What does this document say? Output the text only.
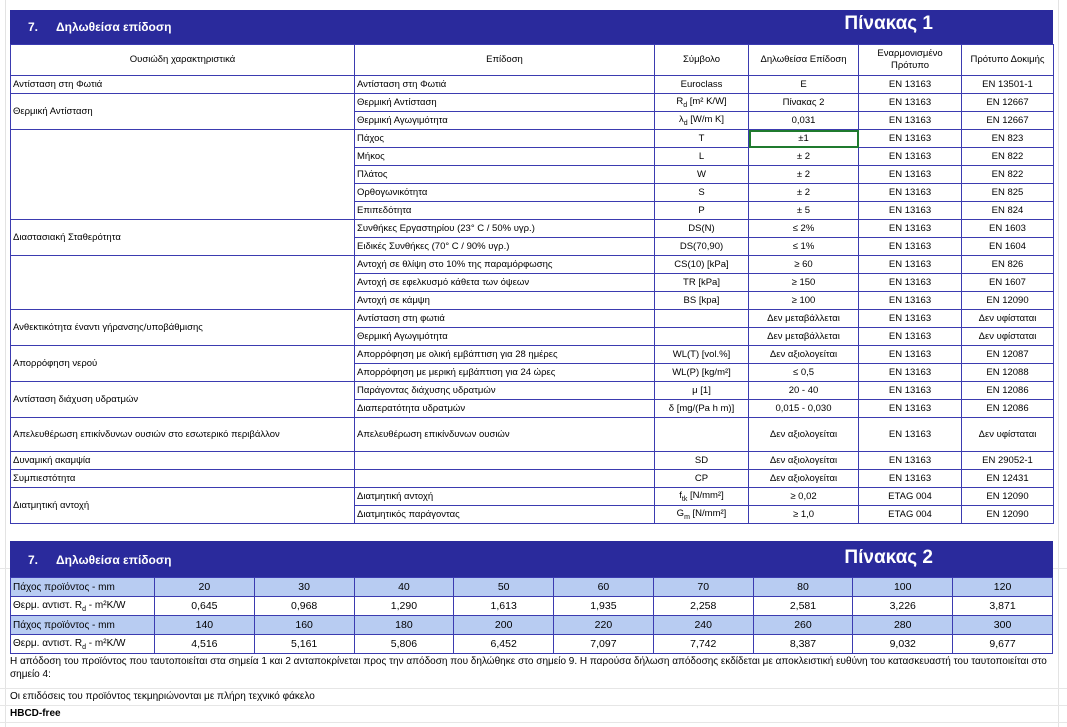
7. Δηλωθείσα επίδοση	Πίνακας 1
Ουσιώδη χαρακτηριστικά	Επίδοση	Σύμβολο	Δηλωθείσα Επίδοση	Εναρμονισμένο Πρότυπο	Πρότυπο Δοκιμής
Αντίσταση στη Φωτιά	Αντίσταση στη Φωτιά	Euroclass	E	EN 13163	EN 13501-1
Θερμική Αντίσταση	Θερμική Αντίσταση	$R_d$ [m² K/W]	Πίνακας 2	EN 13163	EN 12667
	Θερμική Αγωγιμότητα	$\lambda_d$ [W/m K]	0,031	EN 13163	EN 12667
	Πάχος	T	±1	EN 13163	EN 823
	Μήκος	L	± 2	EN 13163	EN 822
	Πλάτος	W	± 2	EN 13163	EN 822
	Ορθογωνικότητα	S	± 2	EN 13163	EN 825
	Επιπεδότητα	P	± 5	EN 13163	EN 824
Διαστασιακή Σταθερότητα	Συνθήκες Εργαστηρίου (23° C / 50% υγρ.)	DS(N)	≤ 2%	EN 13163	EN 1603
	Ειδικές Συνθήκες (70° C / 90% υγρ.)	DS(70,90)	≤ 1%	EN 13163	EN 1604
	Αντοχή σε θλίψη στο 10% της παραμόρφωσης	CS(10) [kPa]	≥ 60	EN 13163	EN 826
	Αντοχή σε εφελκυσμό κάθετα των όψεων	TR [kPa]	≥ 150	EN 13163	EN 1607
	Αντοχή σε κάμψη	BS [kpa]	≥ 100	EN 13163	EN 12090
Ανθεκτικότητα έναντι γήρανσης/υποβάθμισης	Αντίσταση στη φωτιά		Δεν μεταβάλλεται	EN 13163	Δεν υφίσταται
	Θερμική Αγωγιμότητα		Δεν μεταβάλλεται	EN 13163	Δεν υφίσταται
Απορρόφηση νερού	Απορρόφηση με ολική εμβάπτιση για 28 ημέρες	WL(T) [vol.%]	Δεν αξιολογείται	EN 13163	EN 12087
	Απορρόφηση με μερική εμβάπτιση για 24 ώρες	WL(P) [kg/m²]	≤ 0,5	EN 13163	EN 12088
Αντίσταση διάχυση υδρατμών	Παράγοντας διάχυσης υδρατμών	μ [1]	20 - 40	EN 13163	EN 12086
	Διαπερατότητα υδρατμών	δ [mg/(Pa h m)]	0,015 - 0,030	EN 13163	EN 12086
Απελευθέρωση επικίνδυνων ουσιών στο εσωτερικό περιβάλλον	Απελευθέρωση επικίνδυνων ουσιών		Δεν αξιολογείται	EN 13163	Δεν υφίσταται
Δυναμική ακαμψία		SD	Δεν αξιολογείται	EN 13163	EN 29052-1
Συμπιεστότητα		CP	Δεν αξιολογείται	EN 13163	EN 12431
Διατμητική αντοχή	Διατμητική αντοχή	$f_{tk}$ [N/mm²]	≥ 0,02	ETAG 004	EN 12090
	Διατμητικός παράγοντας	$G_m$ [N/mm²]	≥ 1,0	ETAG 004	EN 12090
7. Δηλωθείσα επίδοση	Πίνακας 2
Πάχος προϊόντος - mm	20	30	40	50	60	70	80	100	120
Θερμ. αντιστ. $R_d - m^2K/W$	0,645	0,968	1,290	1,613	1,935	2,258	2,581	3,226	3,871
Πάχος προϊόντος - mm	140	160	180	200	220	240	260	280	300
Θερμ. αντιστ. $R_d - m^2K/W$	4,516	5,161	5,806	6,452	7,097	7,742	8,387	9,032	9,677
Η απόδοση του προϊόντος που ταυτοποιείται στα σημεία 1 και 2 ανταποκρίνεται προς την απόδοση που δηλώθηκε στο σημείο 9. Η παρούσα δήλωση απόδοσης εκδίδεται με αποκλειστική ευθύνη του κατασκευαστή του ταυτοποιείται στο σημείο 4:
Οι επιδόσεις του προϊόντος τεκμηριώνονται με πλήρη τεχνικό φάκελο
HBCD-free
